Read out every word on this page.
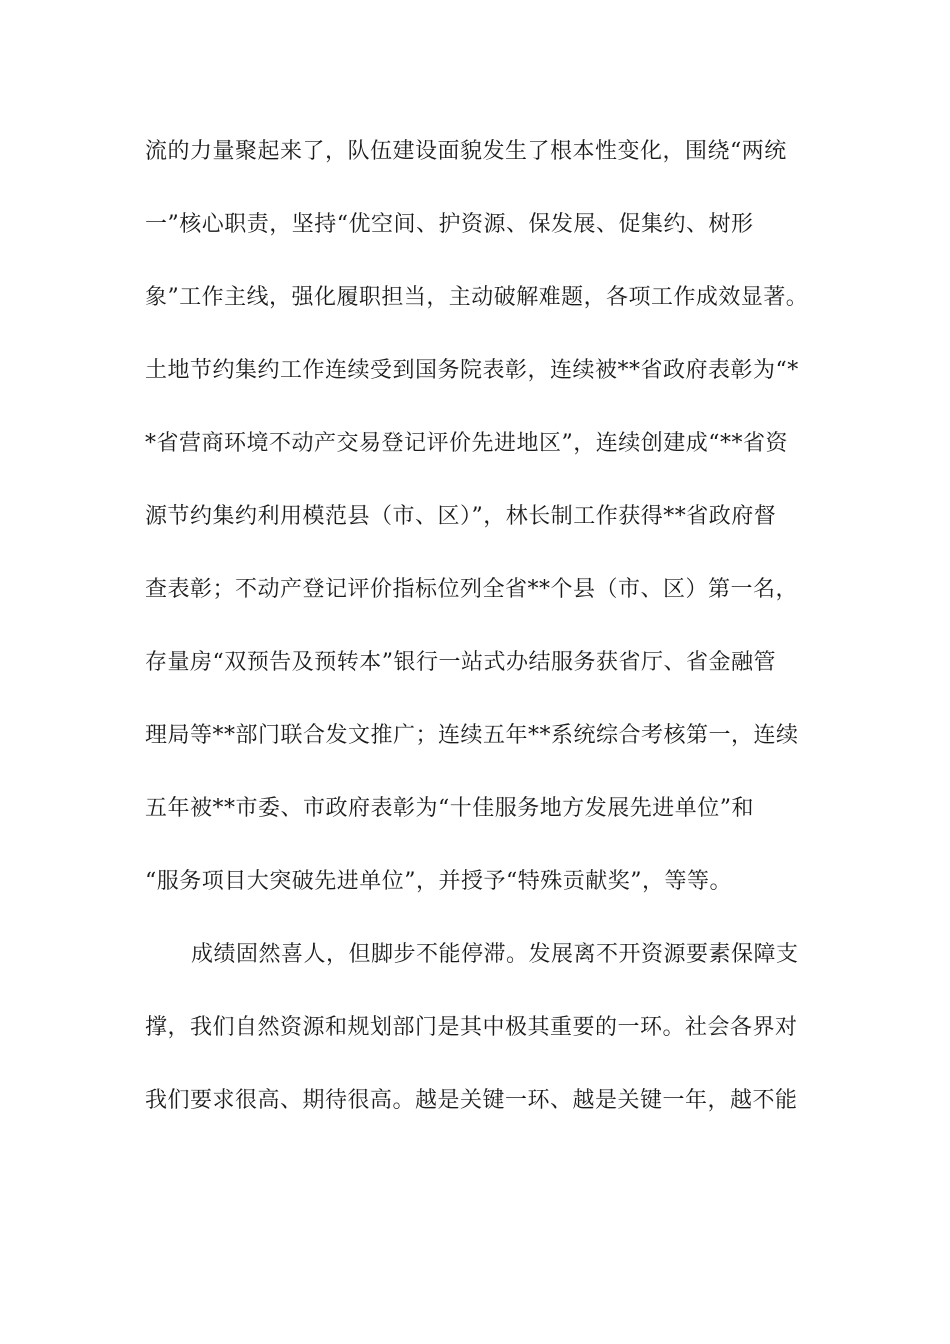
流的力量聚起来了，队伍建设面貌发生了根本性变化，围绕“两统
一”核心职责，坚持“优空间、护资源、保发展、促集约、树形
象”工作主线，强化履职担当，主动破解难题，各项工作成效显著。
土地节约集约工作连续受到国务院表彰，连续被**省政府表彰为“*
*省营商环境不动产交易登记评价先进地区”，连续创建成“**省资
源节约集约利用模范县（市、区）”，林长制工作获得**省政府督
查表彰；不动产登记评价指标位列全省**个县（市、区）第一名，
存量房“双预告及预转本”银行一站式办结服务获省厅、省金融管
理局等**部门联合发文推广；连续五年**系统综合考核第一，连续
五年被**市委、市政府表彰为“十佳服务地方发展先进单位”和
“服务项目大突破先进单位”，并授予“特殊贡献奖”，等等。
成绩固然喜人，但脚步不能停滞。发展离不开资源要素保障支
撑，我们自然资源和规划部门是其中极其重要的一环。社会各界对
我们要求很高、期待很高。越是关键一环、越是关键一年，越不能
